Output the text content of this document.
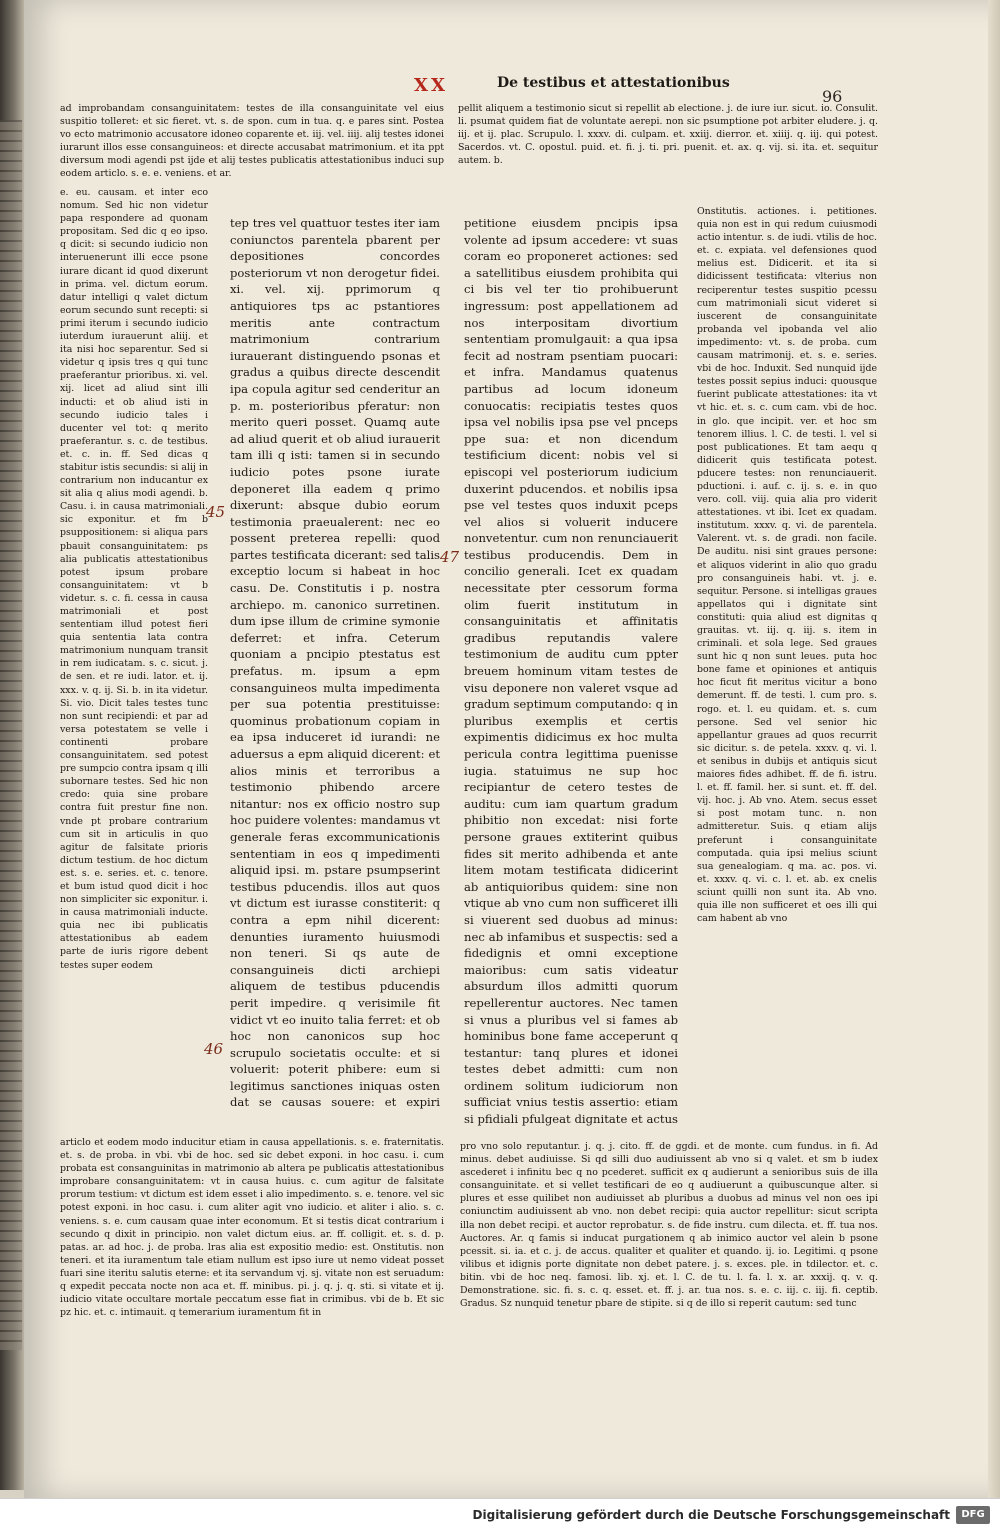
XX	De testibus et attestationibus
96

ad improbandam consanguinitatem: testes de illa consanguinitate vel eius suspitio tolleret: et sic fieret. vt. s. de spon. cum in tua. q. e pares sint. Postea vo ecto matrimonio accusatore idoneo coparente et. iij. vel. iiij. alij testes idonei iurarunt illos esse consanguineos: et directe accusabat matrimonium. et ita ppt diversum modi agendi pst ijde et alij testes publicatis attestationibus induci sup eodem articlo. s. e. e. veniens. et ar.

pellit aliquem a testimonio sicut si repellit ab electione. j. de iure iur. sicut. io. Consulit. li. psumat quidem fiat de voluntate aerepi. non sic psumptione pot arbiter eludere. j. q. iij. et ij. plac. Scrupulo. l. xxxv. di. culpam. et. xxiij. dierror. et. xiiij. q. iij. qui potest. Sacerdos. vt. C. opostul. puid. et. fi. j. ti. pri. puenit. et. ax. q. vij. si. ita. et. sequitur autem. b.

e. eu. causam. et inter eco nomum. Sed hic non videtur papa respondere ad quonam propositam. Sed dic q eo ipso. q dicit: si secundo iudicio non interuenerunt illi ecce psone iurare dicant id quod dixerunt in prima. vel. dictum eorum. datur intelligi q valet dictum eorum secundo sunt recepti: si primi iterum i secundo iudicio iuterdum iurauerunt aliij. et ita nisi hoc separentur. Sed si videtur q ipsis tres q qui tunc praeferantur prioribus. xi. vel. xij. licet ad aliud sint illi inducti: et ob aliud isti in secundo iudicio tales i ducenter vel tot: q merito praeferantur. s. c. de testibus. et. c. in. ff. Sed dicas q stabitur istis secundis: si alij in contrarium non inducantur ex sit alia q alius modi agendi. b. Casu. i. in causa matrimoniali. sic exponitur. et fm b psuppositionem: si aliqua pars pbauit consanguinitatem: ps alia publicatis attestationibus potest ipsum probare consanguinitatem: vt b videtur. s. c. fi. cessa in causa matrimoniali et post sententiam illud potest fieri quia sententia lata contra matrimonium nunquam transit in rem iudicatam. s. c. sicut. j. de sen. et re iudi. lator. et. ij. xxx. v. q. ij. Si. b. in ita videtur. Si. vio. Dicit tales testes tunc non sunt recipiendi: et par ad versa potestatem se velle i continenti probare consanguinitatem. sed potest pre sumpcio contra ipsam q illi subornare testes. Sed hic non credo: quia sine probare contra fuit prestur fine non. vnde pt probare contrarium cum sit in articulis in quo agitur de falsitate prioris dictum testium. de hoc dictum est. s. e. series. et. c. tenore. et bum istud quod dicit i hoc non simpliciter sic exponitur. i. in causa matrimoniali inducte. quia nec ibi publicatis attestationibus ab eadem parte de iuris rigore debent testes super eodem

tep tres vel quattuor testes iter iam coniunctos parentela pbarent per depositiones concordes posteriorum vt non derogetur fidei. xi. vel. xij. pprimorum q antiquiores tps ac pstantiores meritis ante contractum matrimonium contrarium iurauerant distinguendo psonas et gradus a quibus directe descendit ipa copula agitur sed cenderitur an p. m. posterioribus pferatur: non merito queri posset. Quamq aute ad aliud querit et ob aliud iurauerit tam illi q isti: tamen si in secundo iudicio potes psone iurate deponeret illa eadem q primo dixerunt: absque dubio eorum testimonia praeualerent: nec eo possent preterea repelli: quod partes testificata dicerant: sed talis exceptio locum si habeat in hoc casu. De. Constitutis i p. nostra archiepo. m. canonico surretinen. dum ipse illum de crimine symonie deferret: et infra. Ceterum quoniam a pncipio ptestatus est prefatus. m. ipsum a epm consanguineos multa impedimenta per sua potentia prestituisse: quominus probationum copiam in ea ipsa induceret id iurandi: ne aduersus a epm aliquid dicerent: et alios minis et terroribus a testimonio phibendo arcere nitantur: nos ex officio nostro sup hoc puidere volentes: mandamus vt generale feras excommunicationis sententiam in eos q impedimenti aliquid ipsi. m. pstare psumpserint testibus pducendis. illos aut quos vt dictum est iurasse constiterit: q contra a epm nihil dicerent: denunties iuramento huiusmodi non teneri. Si qs aute de consanguineis dicti archiepi aliquem de testibus pducendis perit impedire. q verisimile fit vidict vt eo inuito talia ferret: et ob hoc non canonicos sup hoc scrupulo societatis occulte: et si voluerit: poterit phibere: eum si legitimus sanctiones iniquas osten dat se causas souere: et expiri

petitione eiusdem pncipis ipsa volente ad ipsum accedere: vt suas coram eo proponeret actiones: sed a satellitibus eiusdem prohibita qui ci bis vel ter tio prohibuerunt ingressum: post appellationem ad nos interpositam divortium sententiam promulgauit: a qua ipsa fecit ad nostram psentiam puocari: et infra. Mandamus quatenus partibus ad locum idoneum conuocatis: recipiatis testes quos ipsa vel nobilis ipsa pse vel pnceps ppe sua: et non dicendum testificium dicent: nobis vel si episcopi vel posteriorum iudicium duxerint pducendos. et nobilis ipsa pse vel testes quos induxit pceps vel alios si voluerit inducere nonvetentur. cum non renunciauerit testibus producendis. Dem in concilio generali. Icet ex quadam necessitate pter cessorum forma olim fuerit institutum in consanguinitatis et affinitatis gradibus reputandis valere testimonium de auditu cum ppter breuem hominum vitam testes de visu deponere non valeret vsque ad gradum septimum computando: q in pluribus exemplis et certis expimentis didicimus ex hoc multa pericula contra legittima puenisse iugia. statuimus ne sup hoc recipiantur de cetero testes de auditu: cum iam quartum gradum phibitio non excedat: nisi forte persone graues extiterint quibus fides sit merito adhibenda et ante litem motam testificata didicerint ab antiquioribus quidem: sine non vtique ab vno cum non sufficeret illi si viuerent sed duobus ad minus: nec ab infamibus et suspectis: sed a fidedignis et omni exceptione maioribus: cum satis videatur absurdum illos admitti quorum repellerentur auctores. Nec tamen si vnus a pluribus vel si fames ab hominibus bone fame acceperunt q testantur: tanq plures et idonei testes debet admitti: cum non ordinem solitum iudiciorum non sufficiat vnius testis assertio: etiam si pfidiali pfulgeat dignitate et actus

Onstitutis. actiones. i. petitiones. quia non est in qui redum cuiusmodi actio intentur. s. de iudi. vtilis de hoc. et. c. expiata. vel defensiones quod melius est. Didicerit. et ita si didicissent testificata: vlterius non reciperentur testes suspitio pcessu cum matrimoniali sicut videret si iuscerent de consanguinitate probanda vel ipobanda vel alio impedimento: vt. s. de proba. cum causam matrimonij. et. s. e. series. vbi de hoc. Induxit. Sed nunquid ijde testes possit sepius induci: quousque fuerint publicate attestationes: ita vt vt hic. et. s. c. cum cam. vbi de hoc. in glo. que incipit. ver. et hoc sm tenorem illius. l. C. de testi. l. vel si post publicationes. Et tam aequ q didicerit quis testificata potest. pducere testes: non renunciauerit. pductioni. i. auf. c. ij. s. e. in quo vero. coll. viij. quia alia pro viderit attestationes. vt ibi. Icet ex quadam. institutum. xxxv. q. vi. de parentela. Valerent. vt. s. de gradi. non facile. De auditu. nisi sint graues persone: et aliquos viderint in alio quo gradu pro consanguineis habi. vt. j. e. sequitur. Persone. si intelligas graues appellatos qui i dignitate sint constituti: quia aliud est dignitas q grauitas. vt. iij. q. iij. s. item in criminali. et sola lege. Sed graues sunt hic q non sunt leues. puta hoc bone fame et opiniones et antiquis hoc ficut fit meritus vicitur a bono demerunt. ff. de testi. l. cum pro. s. rogo. et. l. eu quidam. et. s. cum persone. Sed vel senior hic appellantur graues ad quos recurrit sic dicitur. s. de petela. xxxv. q. vi. l. et senibus in dubijs et antiquis sicut maiores fides adhibet. ff. de fi. istru. l. et. ff. famil. her. si sunt. et. ff. del. vij. hoc. j. Ab vno. Atem. secus esset si post motam tunc. n. non admitteretur. Suis. q etiam alijs preferunt i consanguinitate computada. quia ipsi melius sciunt sua genealogiam. q ma. ac. pos. vi. et. xxxv. q. vi. c. l. et. ab. ex cnelis sciunt quilli non sunt ita. Ab vno. quia ille non sufficeret et oes illi qui cam habent ab vno

articlo et eodem modo inducitur etiam in causa appellationis. s. e. fraternitatis. et. s. de proba. in vbi. vbi de hoc. sed sic debet exponi. in hoc casu. i. cum probata est consanguinitas in matrimonio ab altera pe publicatis attestationibus improbare consanguinitatem: vt in causa huius. c. cum agitur de falsitate prorum testium: vt dictum est idem esset i alio impedimento. s. e. tenore. vel sic potest exponi. in hoc casu. i. cum aliter agit vno iudicio. et aliter i alio. s. c. veniens. s. e. cum causam quae inter economum. Et si testis dicat contrarium i secundo q dixit in principio. non valet dictum eius. ar. ff. colligit. et. s. d. p. patas. ar. ad hoc. j. de proba. lras alia est expositio medio: est. Onstitutis. non teneri. et ita iuramentum tale etiam nullum est ipso iure ut nemo videat posset fuari sine iteritu salutis eterne: et ita servandum vj. sj. vitate non est seruadum: q expedit peccata nocte non aca et. ff. minibus. pi. j. q. j. q. sti. si vitate et ij. iudicio vitate occultare mortale peccatum esse fiat in crimibus. vbi de b. Et sic pz hic. et. c. intimauit. q temerarium iuramentum fit in

pro vno solo reputantur. j. q. j. cito. ff. de ggdi. et de monte. cum fundus. in fi. Ad minus. debet audiuisse. Si qd silli duo audiuissent ab vno si q valet. et sm b iudex ascederet i infinitu bec q no pcederet. sufficit ex q audierunt a senioribus suis de illa consanguinitate. et si vellet testificari de eo q audiuerunt a quibuscunque alter. si plures et esse quilibet non audiuisset ab pluribus a duobus ad minus vel non oes ipi coniunctim audiuissent ab vno. non debet recipi: quia auctor repellitur: sicut scripta illa non debet recipi. et auctor reprobatur. s. de fide instru. cum dilecta. et. ff. tua nos. Auctores. Ar. q famis si inducat purgationem q ab inimico auctor vel alein b psone pcessit. si. ia. et c. j. de accus. qualiter et qualiter et quando. ij. io. Legitimi. q psone vilibus et idignis porte dignitate non debet patere. j. s. exces. ple. in tdilector. et. c. bitin. vbi de hoc neq. famosi. lib. xj. et. l. C. de tu. l. fa. l. x. ar. xxxij. q. v. q. Demonstratione. sic. fi. s. c. q. esset. et. ff. j. ar. tua nos. s. e. c. iij. c. iij. fi. ceptib. Gradus. Sz nunquid tenetur pbare de stipite. si q de illo si reperit cautum: sed tunc

45
47
46
Digitalisierung gefördert durch die Deutsche Forschungsgemeinschaft	DFG
